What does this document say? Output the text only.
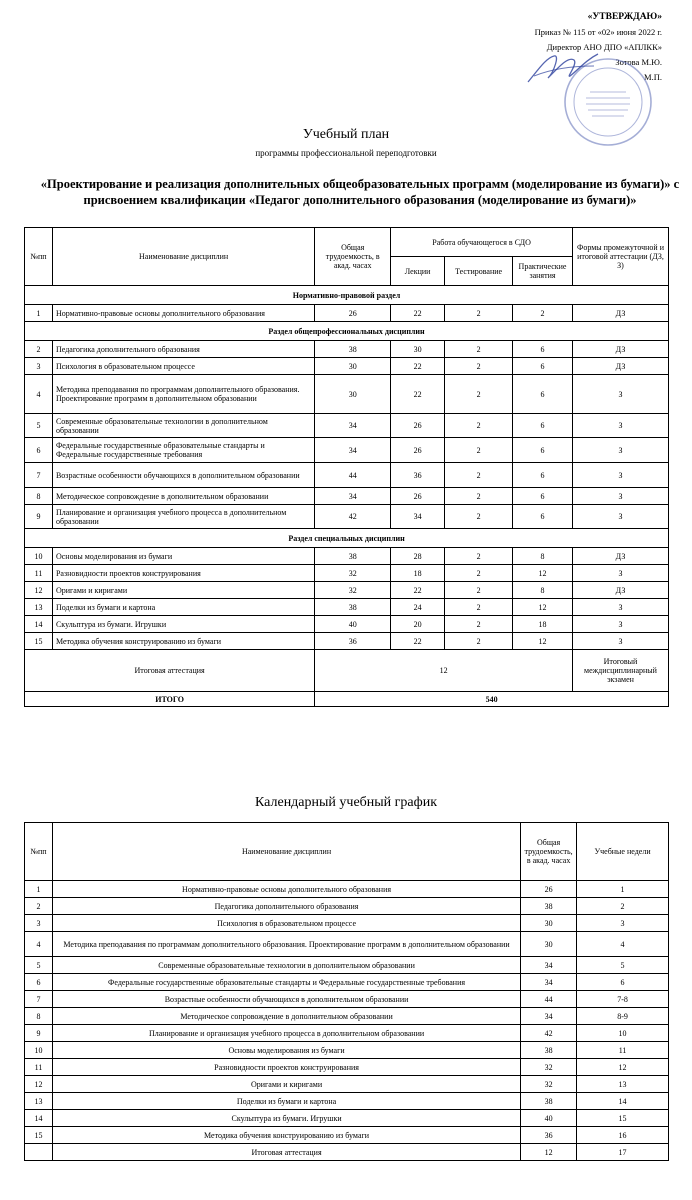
«УТВЕРЖДАЮ»
Приказ № 115 от «02» июня 2022 г.
Директор АНО ДПО «АПЛКК»
Зотова М.Ю.
М.П.
Учебный план
программы профессиональной переподготовки
«Проектирование и реализация дополнительных общеобразовательных программ (моделирование из бумаги)» с присвоением квалификации «Педагог дополнительного образования (моделирование из бумаги)»
№пп	Наименование дисциплин	Общая трудоемкость, в акад. часах	Работа обучающегося в СДО			Формы промежуточной и итоговой аттестации (ДЗ, З)
			Лекции	Тестирование	Практические занятия	
Нормативно-правовой раздел						
1	Нормативно-правовые основы дополнительного образования	26	22	2	2	ДЗ
Раздел общепрофессиональных дисциплин						
2	Педагогика дополнительного образования	38	30	2	6	ДЗ
3	Психология в образовательном процессе	30	22	2	6	ДЗ
4	Методика преподавания по программам дополнительного образования. Проектирование программ в дополнительном образовании	30	22	2	6	З
5	Современные образовательные технологии в дополнительном образовании	34	26	2	6	З
6	Федеральные государственные образовательные стандарты и Федеральные государственные требования	34	26	2	6	З
7	Возрастные особенности обучающихся в дополнительном образовании	44	36	2	6	З
8	Методическое сопровождение в дополнительном образовании	34	26	2	6	З
9	Планирование и организация учебного процесса в дополнительном образовании	42	34	2	6	З
Раздел специальных дисциплин						
10	Основы моделирования из бумаги	38	28	2	8	ДЗ
11	Разновидности проектов конструирования	32	18	2	12	З
12	Оригами и киригами	32	22	2	8	ДЗ
13	Поделки из бумаги и картона	38	24	2	12	З
14	Скульптура из бумаги. Игрушки	40	20	2	18	З
15	Методика обучения конструированию из бумаги	36	22	2	12	З
Итоговая аттестация		12				Итоговый междисциплинарный экзамен
ИТОГО		540				
Календарный учебный график
№пп	Наименование дисциплин	Общая трудоемкость, в акад. часах	Учебные недели
1	Нормативно-правовые основы дополнительного образования	26	1
2	Педагогика дополнительного образования	38	2
3	Психология в образовательном процессе	30	3
4	Методика преподавания по программам дополнительного образования. Проектирование программ в дополнительном образовании	30	4
5	Современные образовательные технологии в дополнительном образовании	34	5
6	Федеральные государственные образовательные стандарты и Федеральные государственные требования	34	6
7	Возрастные особенности обучающихся в дополнительном образовании	44	7-8
8	Методическое сопровождение в дополнительном образовании	34	8-9
9	Планирование и организация учебного процесса в дополнительном образовании	42	10
10	Основы моделирования из бумаги	38	11
11	Разновидности проектов конструирования	32	12
12	Оригами и киригами	32	13
13	Поделки из бумаги и картона	38	14
14	Скульптура из бумаги. Игрушки	40	15
15	Методика обучения конструированию из бумаги	36	16
	Итоговая аттестация	12	17
